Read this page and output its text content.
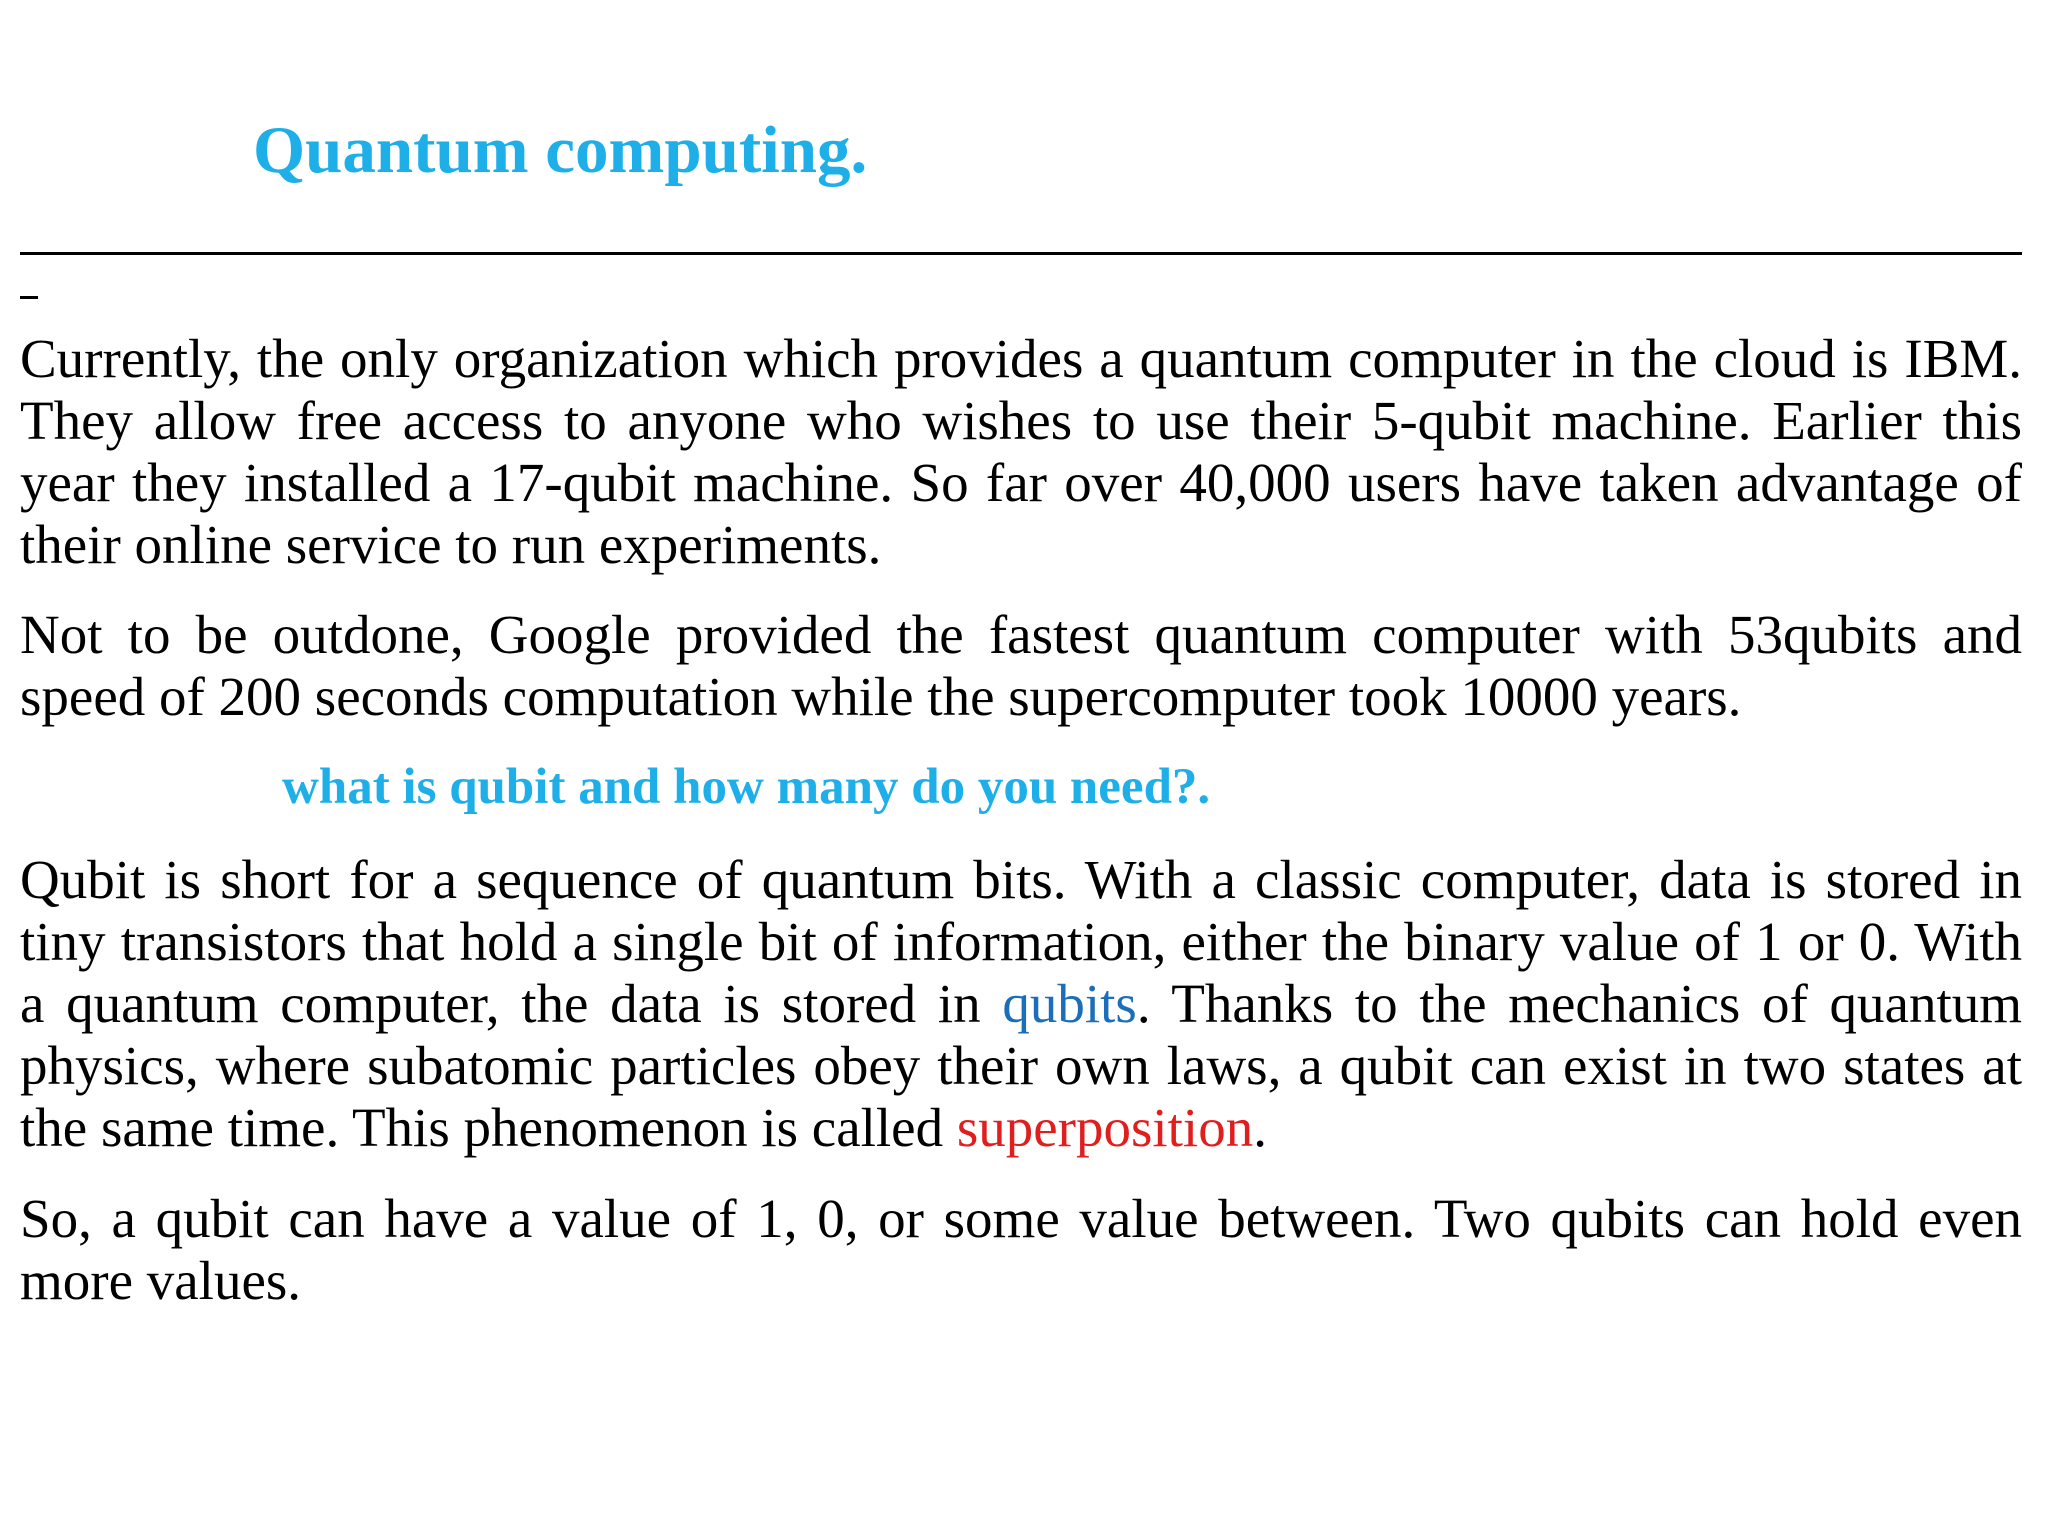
Quantum computing.

Currently, the only organization which provides a quantum computer in the cloud is IBM. They allow free access to anyone who wishes to use their 5-qubit machine. Earlier this year they installed a 17-qubit machine. So far over 40,000 users have taken advantage of their online service to run experiments.

Not to be outdone, Google provided the fastest quantum computer with 53qubits and speed of 200 seconds computation while the supercomputer took 10000 years.

what is qubit and how many do you need?.

Qubit is short for a sequence of quantum bits. With a classic computer, data is stored in tiny transistors that hold a single bit of information, either the binary value of 1 or 0. With a quantum computer, the data is stored in qubits. Thanks to the mechanics of quantum physics, where subatomic particles obey their own laws, a qubit can exist in two states at the same time. This phenomenon is called superposition.

So, a qubit can have a value of 1, 0, or some value between. Two qubits can hold even more values.
